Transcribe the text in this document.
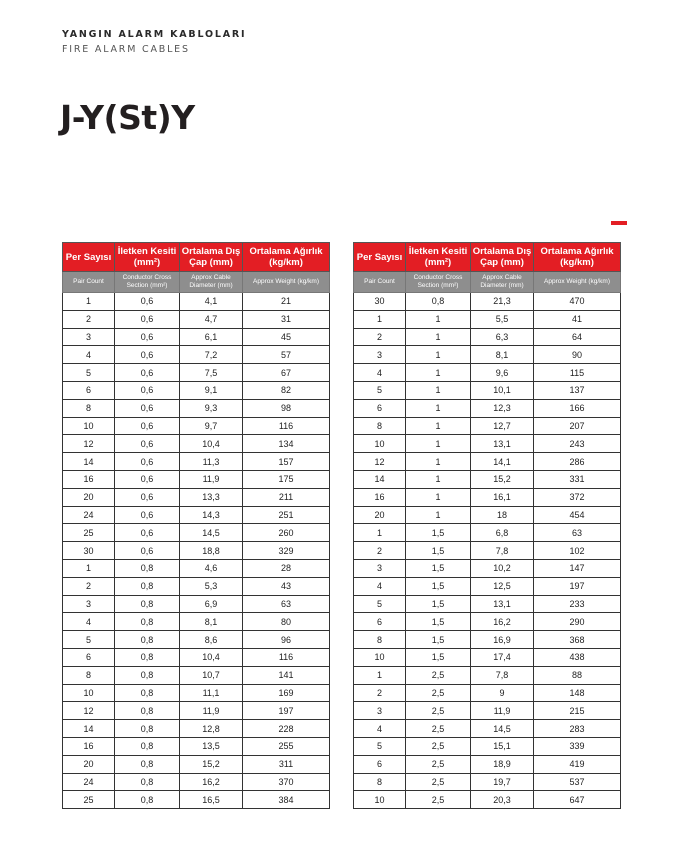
YANGIN ALARM KABLOLARI
FIRE ALARM CABLES
J-Y(St)Y
Per Sayısı	İletken Kesiti (mm²)	Ortalama Dış Çap (mm)	Ortalama Ağırlık (kg/km)
Pair Count	Conductor Cross Section (mm²)	Approx Cable Diameter (mm)	Approx Weight (kg/km)
1	0,6	4,1	21
2	0,6	4,7	31
3	0,6	6,1	45
4	0,6	7,2	57
5	0,6	7,5	67
6	0,6	9,1	82
8	0,6	9,3	98
10	0,6	9,7	116
12	0,6	10,4	134
14	0,6	11,3	157
16	0,6	11,9	175
20	0,6	13,3	211
24	0,6	14,3	251
25	0,6	14,5	260
30	0,6	18,8	329
1	0,8	4,6	28
2	0,8	5,3	43
3	0,8	6,9	63
4	0,8	8,1	80
5	0,8	8,6	96
6	0,8	10,4	116
8	0,8	10,7	141
10	0,8	11,1	169
12	0,8	11,9	197
14	0,8	12,8	228
16	0,8	13,5	255
20	0,8	15,2	311
24	0,8	16,2	370
25	0,8	16,5	384
Per Sayısı	İletken Kesiti (mm²)	Ortalama Dış Çap (mm)	Ortalama Ağırlık (kg/km)
Pair Count	Conductor Cross Section (mm²)	Approx Cable Diameter (mm)	Approx Weight (kg/km)
30	0,8	21,3	470
1	1	5,5	41
2	1	6,3	64
3	1	8,1	90
4	1	9,6	115
5	1	10,1	137
6	1	12,3	166
8	1	12,7	207
10	1	13,1	243
12	1	14,1	286
14	1	15,2	331
16	1	16,1	372
20	1	18	454
1	1,5	6,8	63
2	1,5	7,8	102
3	1,5	10,2	147
4	1,5	12,5	197
5	1,5	13,1	233
6	1,5	16,2	290
8	1,5	16,9	368
10	1,5	17,4	438
1	2,5	7,8	88
2	2,5	9	148
3	2,5	11,9	215
4	2,5	14,5	283
5	2,5	15,1	339
6	2,5	18,9	419
8	2,5	19,7	537
10	2,5	20,3	647
